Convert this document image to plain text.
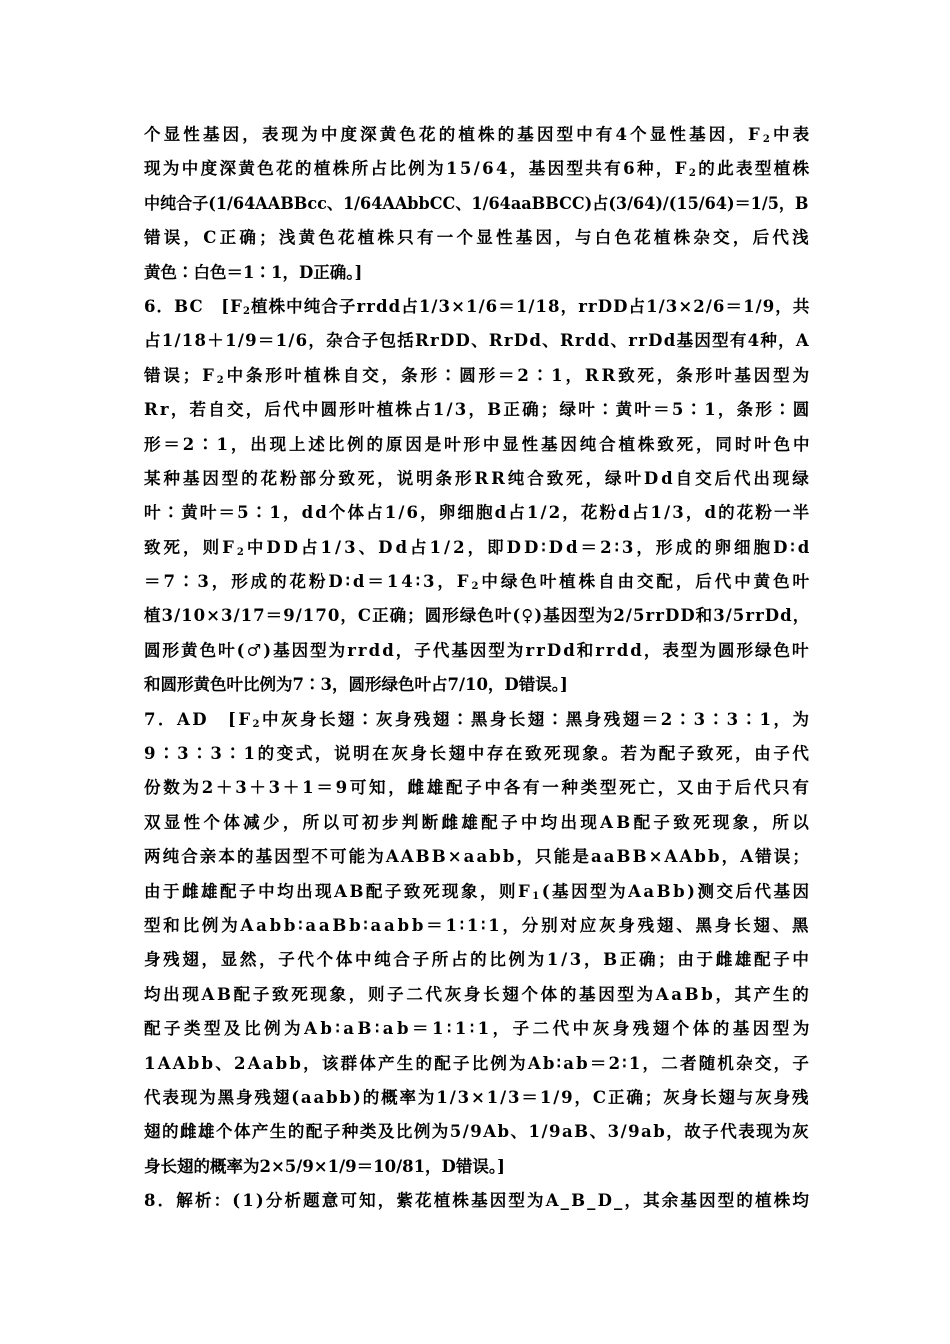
个显性基因，表现为中度深黄色花的植株的基因型中有4个显性基因，$F_2$中表
现为中度深黄色花的植株所占比例为15/64，基因型共有6种，$F_2$的此表型植株
中纯合子(1/64AABBcc、1/64AAbbCC、1/64aaBBCC)占(3/64)/(15/64)＝1/5，B
错误，C正确；浅黄色花植株只有一个显性基因，与白色花植株杂交，后代浅
黄色∶白色＝1∶1，D正确。]
6．BC　[$F_2$植株中纯合子rrdd占1/3×1/6＝1/18，rrDD占1/3×2/6＝1/9，共
占1/18＋1/9＝1/6，杂合子包括RrDD、RrDd、Rrdd、rrDd基因型有4种，A
错误；$F_2$中条形叶植株自交，条形∶圆形＝2∶1，RR致死，条形叶基因型为
Rr，若自交，后代中圆形叶植株占1/3，B正确；绿叶∶黄叶＝5∶1，条形∶圆
形＝2∶1，出现上述比例的原因是叶形中显性基因纯合植株致死，同时叶色中
某种基因型的花粉部分致死，说明条形RR纯合致死，绿叶Dd自交后代出现绿
叶∶黄叶＝5∶1，dd个体占1/6，卵细胞d占1/2，花粉d占1/3，d的花粉一半
致死，则$F_2$中DD占1/3、Dd占1/2，即DD∶Dd＝2∶3，形成的卵细胞D∶d
＝7∶3，形成的花粉D∶d＝14∶3，$F_2$中绿色叶植株自由交配，后代中黄色叶
植3/10×3/17＝9/170，C正确；圆形绿色叶(♀)基因型为2/5rrDD和3/5rrDd，
圆形黄色叶(♂)基因型为rrdd，子代基因型为rrDd和rrdd，表型为圆形绿色叶
和圆形黄色叶比例为7∶3，圆形绿色叶占7/10，D错误。]
7．AD　[$F_2$中灰身长翅∶灰身残翅∶黑身长翅∶黑身残翅＝2∶3∶3∶1，为
9∶3∶3∶1的变式，说明在灰身长翅中存在致死现象。若为配子致死，由子代
份数为2＋3＋3＋1＝9可知，雌雄配子中各有一种类型死亡，又由于后代只有
双显性个体减少，所以可初步判断雌雄配子中均出现AB配子致死现象，所以
两纯合亲本的基因型不可能为AABB×aabb，只能是aaBB×AAbb，A错误；
由于雌雄配子中均出现AB配子致死现象，则$F_1$(基因型为AaBb)测交后代基因
型和比例为Aabb∶aaBb∶aabb＝1∶1∶1，分别对应灰身残翅、黑身长翅、黑
身残翅，显然，子代个体中纯合子所占的比例为1/3，B正确；由于雌雄配子中
均出现AB配子致死现象，则子二代灰身长翅个体的基因型为AaBb，其产生的
配子类型及比例为Ab∶aB∶ab＝1∶1∶1，子二代中灰身残翅个体的基因型为
1AAbb、2Aabb，该群体产生的配子比例为Ab∶ab＝2∶1，二者随机杂交，子
代表现为黑身残翅(aabb)的概率为1/3×1/3＝1/9，C正确；灰身长翅与灰身残
翅的雌雄个体产生的配子种类及比例为5/9Ab、1/9aB、3/9ab，故子代表现为灰
身长翅的概率为2×5/9×1/9＝10/81，D错误。]
8．解析：(1)分析题意可知，紫花植株基因型为A_B_D_，其余基因型的植株均
